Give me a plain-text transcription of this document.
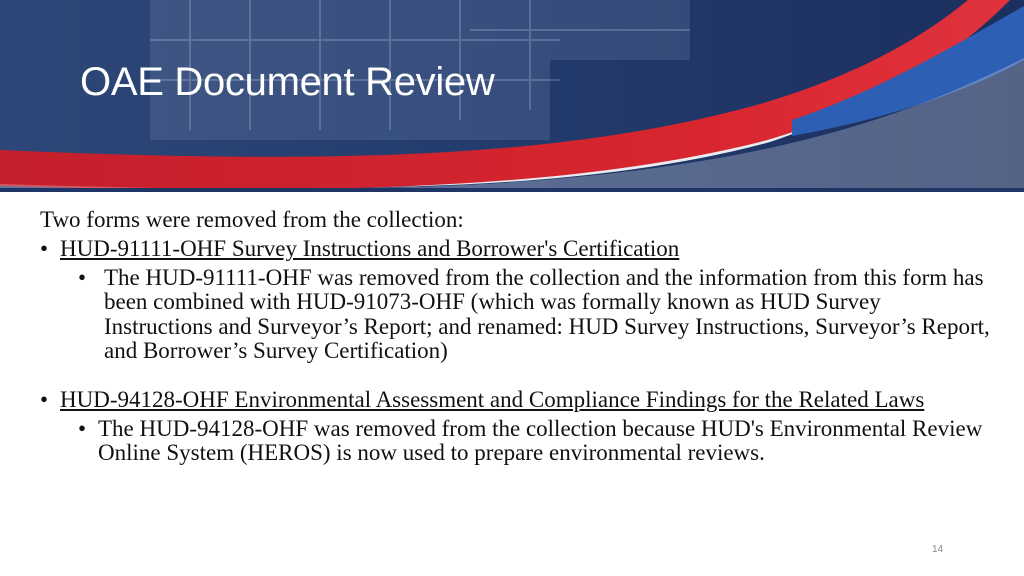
OAE Document Review

Two forms were removed from the collection:

• HUD-91111-OHF Survey Instructions and Borrower's Certification
• The HUD-91111-OHF was removed from the collection and the information from this form has been combined with HUD-91073-OHF (which was formally known as HUD Survey Instructions and Surveyor’s Report; and renamed: HUD Survey Instructions, Surveyor’s Report, and Borrower’s Survey Certification)
• HUD-94128-OHF Environmental Assessment and Compliance Findings for the Related Laws
• The HUD-94128-OHF was removed from the collection because HUD's Environmental Review Online System (HEROS) is now used to prepare environmental reviews.
14
